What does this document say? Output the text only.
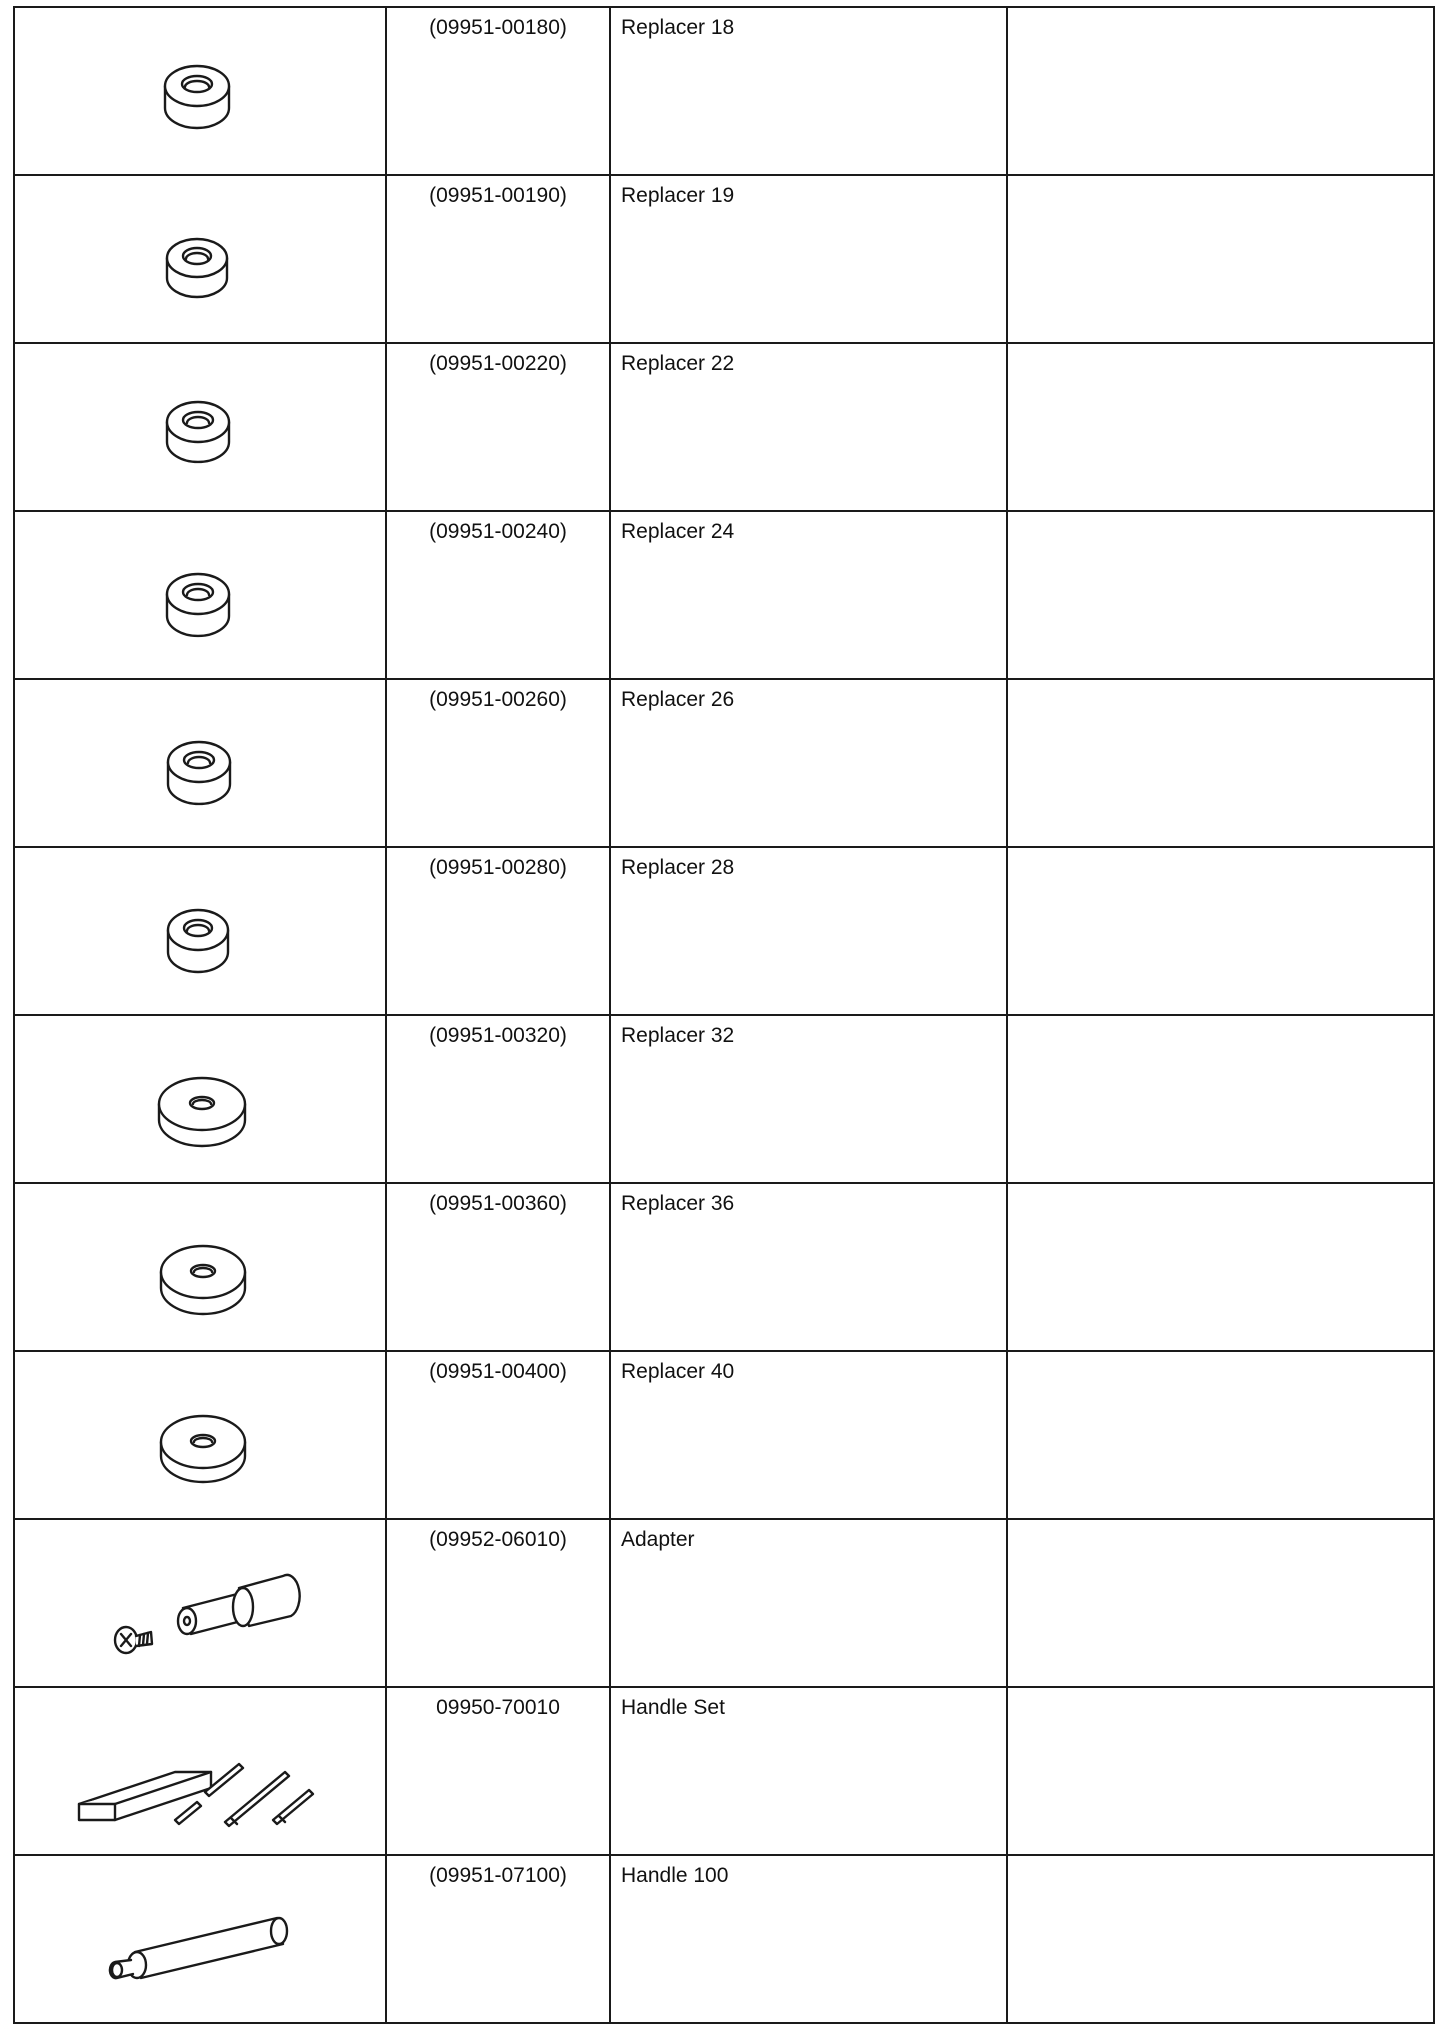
	(09951-00180)	Replacer 18	

	(09951-00190)	Replacer 19	

	(09951-00220)	Replacer 22	

	(09951-00240)	Replacer 24	

	(09951-00260)	Replacer 26	

	(09951-00280)	Replacer 28	

	(09951-00320)	Replacer 32	

	(09951-00360)	Replacer 36	

	(09951-00400)	Replacer 40	

	(09952-06010)	Adapter	

	09950-70010	Handle Set	

	(09951-07100)	Handle 100	
